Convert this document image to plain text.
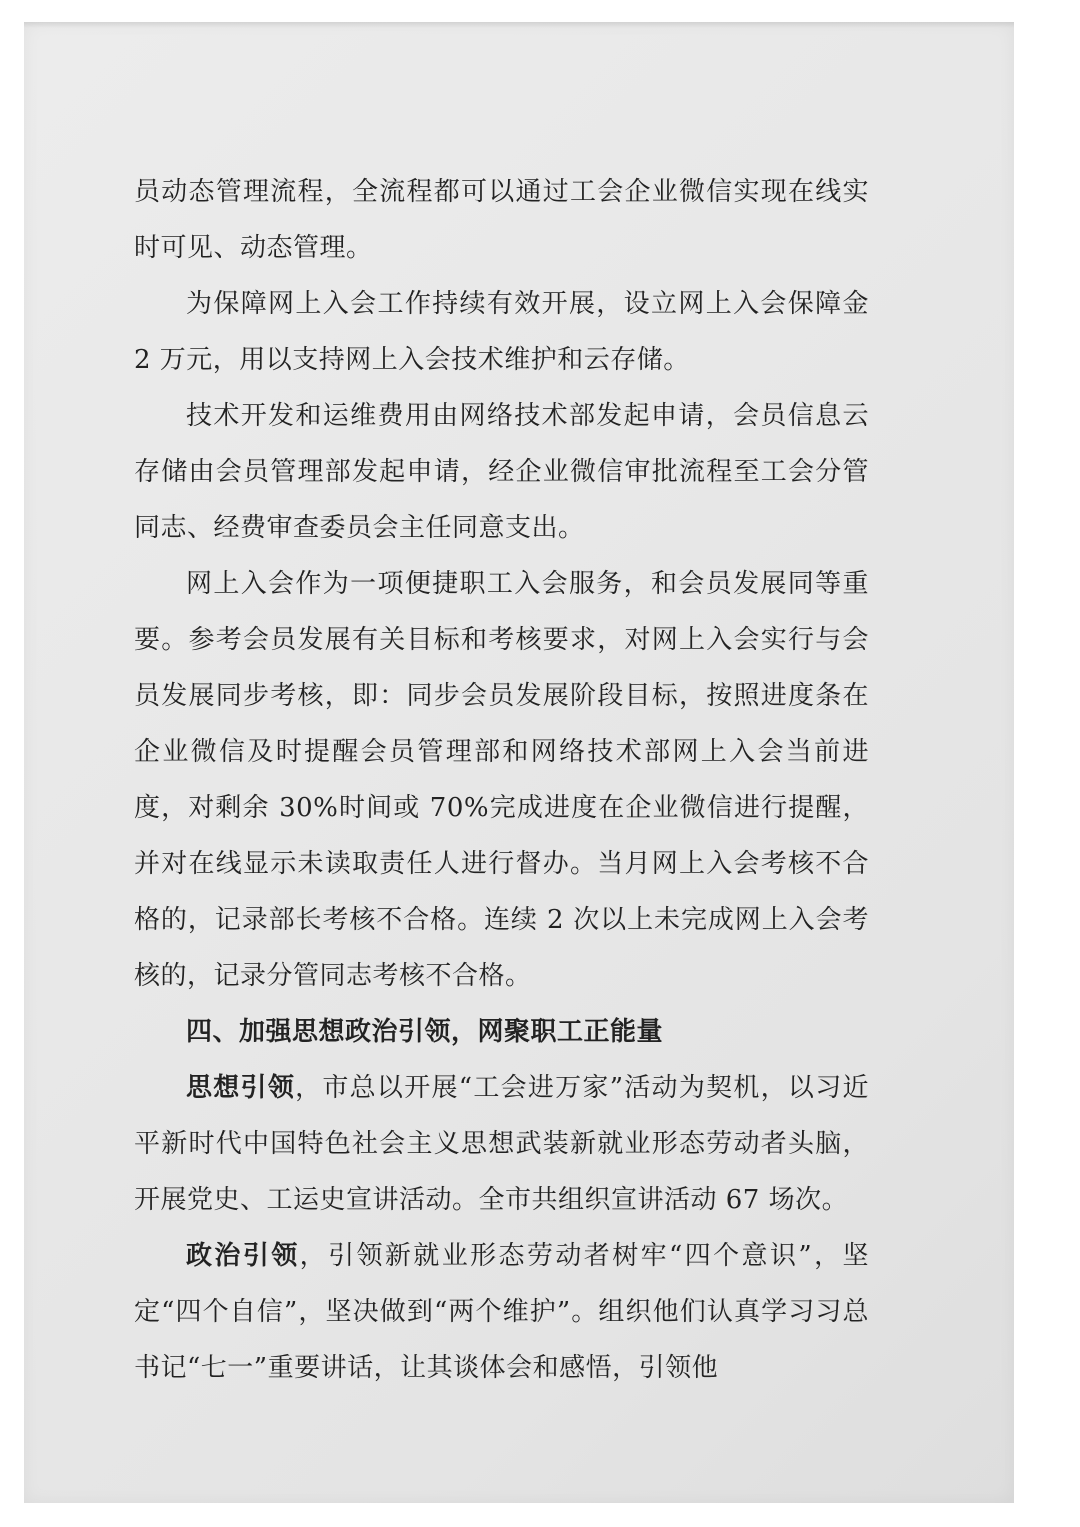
员动态管理流程，全流程都可以通过工会企业微信实现在线实时可见、动态管理。

为保障网上入会工作持续有效开展，设立网上入会保障金 2 万元，用以支持网上入会技术维护和云存储。

技术开发和运维费用由网络技术部发起申请，会员信息云存储由会员管理部发起申请，经企业微信审批流程至工会分管同志、经费审查委员会主任同意支出。

网上入会作为一项便捷职工入会服务，和会员发展同等重要。参考会员发展有关目标和考核要求，对网上入会实行与会员发展同步考核，即：同步会员发展阶段目标，按照进度条在企业微信及时提醒会员管理部和网络技术部网上入会当前进度，对剩余 30%时间或 70%完成进度在企业微信进行提醒，并对在线显示未读取责任人进行督办。当月网上入会考核不合格的，记录部长考核不合格。连续 2 次以上未完成网上入会考核的，记录分管同志考核不合格。

四、加强思想政治引领，网聚职工正能量

思想引领，市总以开展“工会进万家”活动为契机，以习近平新时代中国特色社会主义思想武装新就业形态劳动者头脑，开展党史、工运史宣讲活动。全市共组织宣讲活动 67 场次。

政治引领，引领新就业形态劳动者树牢“四个意识”，坚定“四个自信”，坚决做到“两个维护”。组织他们认真学习习总书记“七一”重要讲话，让其谈体会和感悟，引领他
